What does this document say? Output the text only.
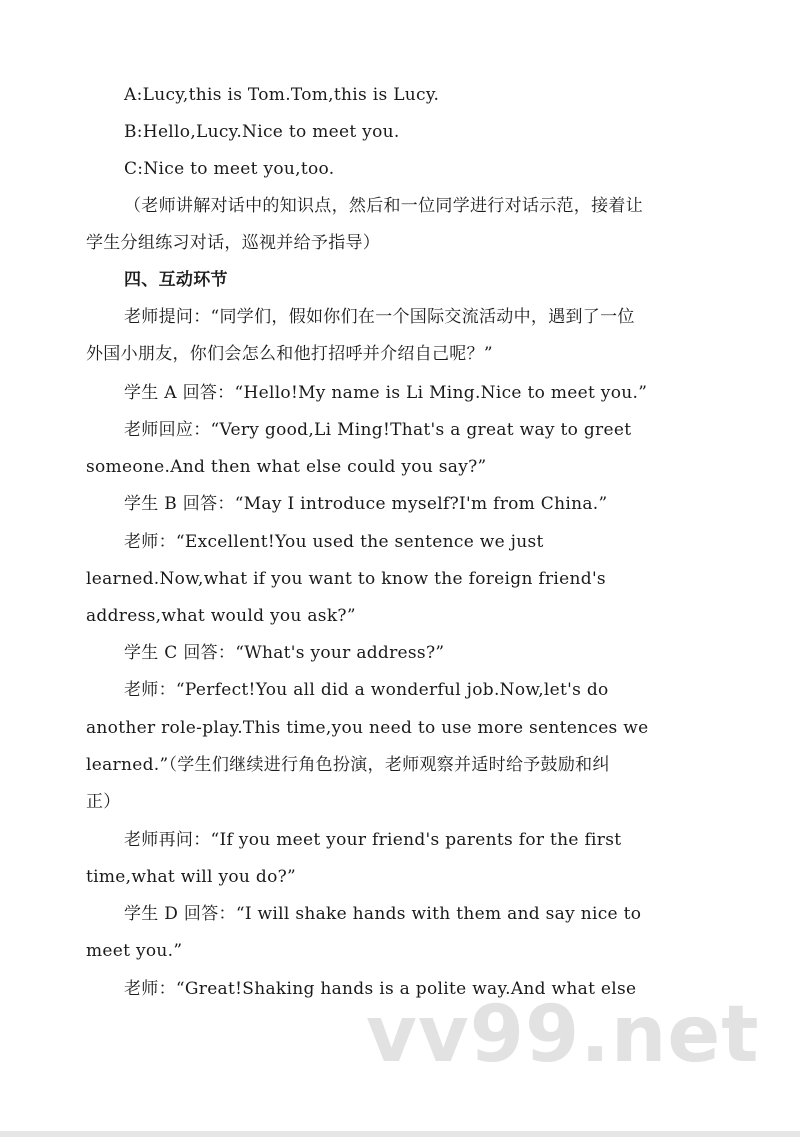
A:Lucy,this is Tom.Tom,this is Lucy.
B:Hello,Lucy.Nice to meet you.
C:Nice to meet you,too.
（老师讲解对话中的知识点，然后和一位同学进行对话示范，接着让
学生分组练习对话，巡视并给予指导）
四、互动环节
老师提问：“同学们，假如你们在一个国际交流活动中，遇到了一位
外国小朋友，你们会怎么和他打招呼并介绍自己呢？”
学生 A 回答：“Hello!My name is Li Ming.Nice to meet you.”
老师回应：“Very good,Li Ming!That's a great way to greet
someone.And then what else could you say?”
学生 B 回答：“May I introduce myself?I'm from China.”
老师：“Excellent!You used the sentence we just
learned.Now,what if you want to know the foreign friend's
address,what would you ask?”
学生 C 回答：“What's your address?”
老师：“Perfect!You all did a wonderful job.Now,let's do
another role-play.This time,you need to use more sentences we
learned.”（学生们继续进行角色扮演，老师观察并适时给予鼓励和纠
正）
老师再问：“If you meet your friend's parents for the first
time,what will you do?”
学生 D 回答：“I will shake hands with them and say nice to
meet you.”
老师：“Great!Shaking hands is a polite way.And what else
vv99.net
